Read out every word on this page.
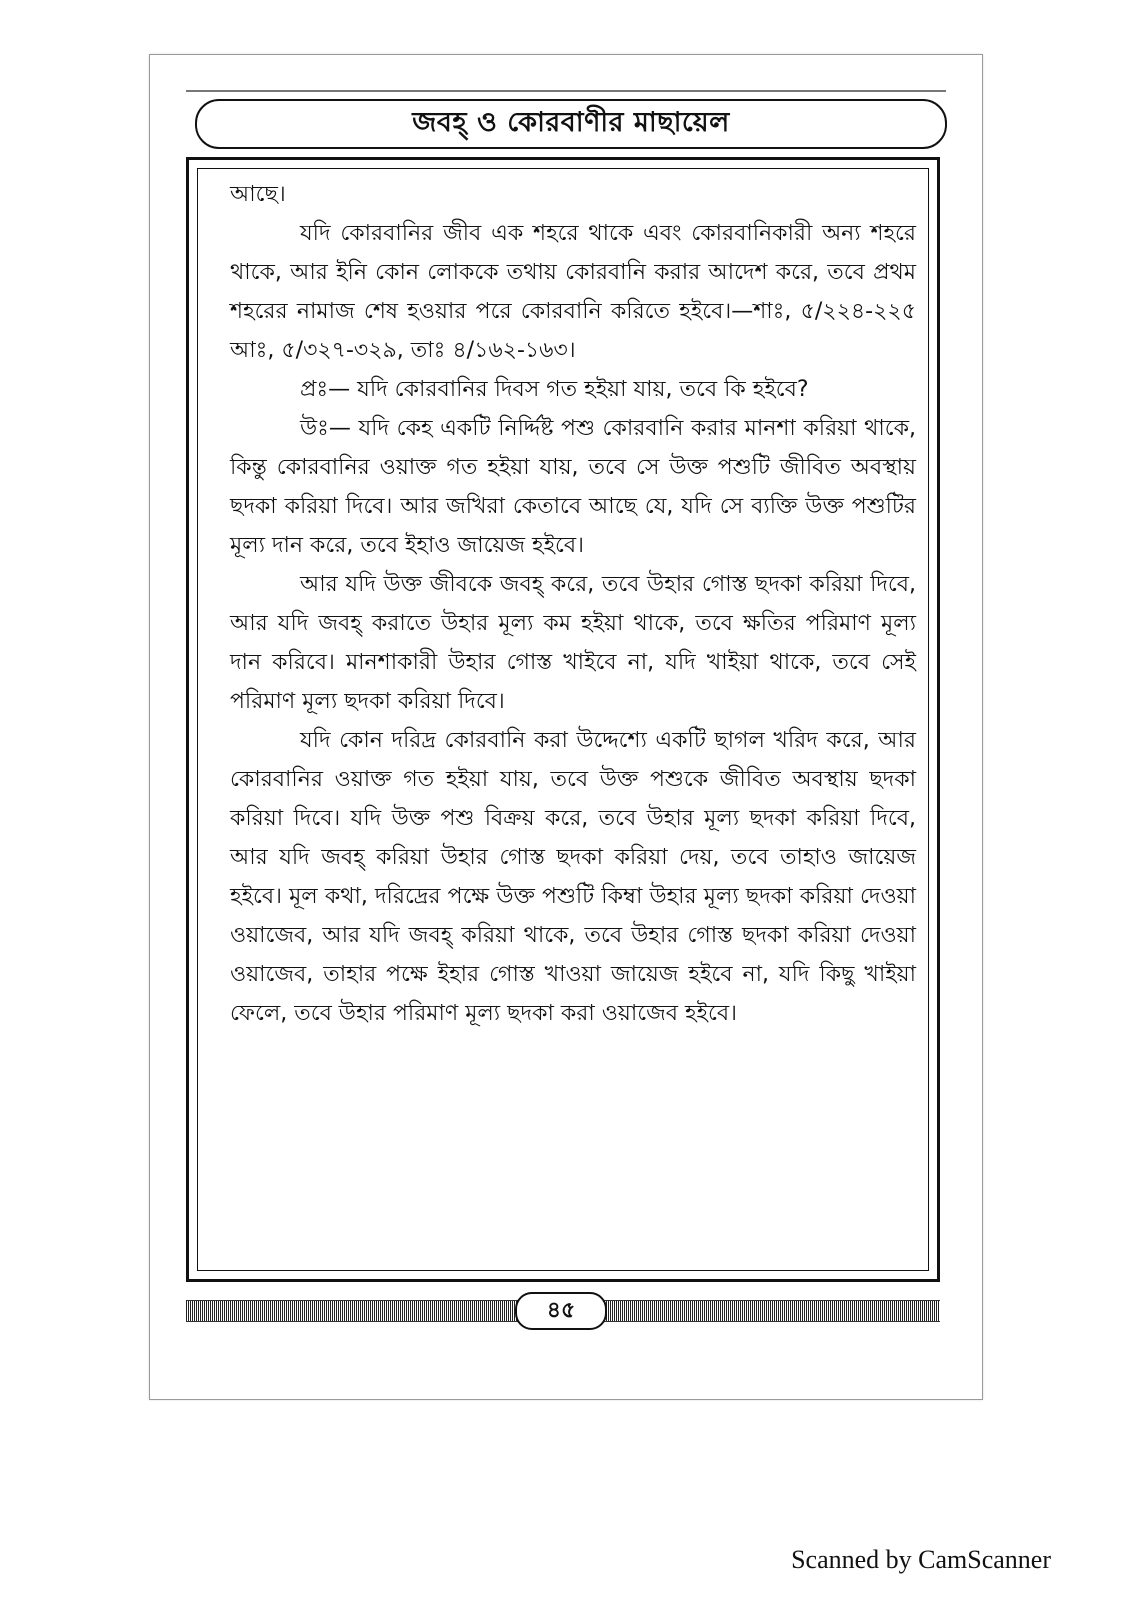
জবহ্ ও কোরবাণীর মাছায়েল

আছে।

যদি কোরবানির জীব এক শহরে থাকে এবং কোরবানিকারী অন্য শহরে থাকে, আর ইনি কোন লোককে তথায় কোরবানি করার আদেশ করে, তবে প্রথম শহরের নামাজ শেষ হওয়ার পরে কোরবানি করিতে হইবে।—শাঃ, ৫/২২৪-২২৫ আঃ, ৫/৩২৭-৩২৯, তাঃ ৪/১৬২-১৬৩।

প্রঃ— যদি কোরবানির দিবস গত হইয়া যায়, তবে কি হইবে?

উঃ— যদি কেহ একটি নির্দ্দিষ্ট পশু কোরবানি করার মানশা করিয়া থাকে, কিন্তু কোরবানির ওয়াক্ত গত হইয়া যায়, তবে সে উক্ত পশুটি জীবিত অবস্থায় ছদকা করিয়া দিবে। আর জখিরা কেতাবে আছে যে, যদি সে ব্যক্তি উক্ত পশুটির মূল্য দান করে, তবে ইহাও জায়েজ হইবে।

আর যদি উক্ত জীবকে জবহ্ করে, তবে উহার গোস্ত ছদকা করিয়া দিবে, আর যদি জবহ্ করাতে উহার মূল্য কম হইয়া থাকে, তবে ক্ষতির পরিমাণ মূল্য দান করিবে। মানশাকারী উহার গোস্ত খাইবে না, যদি খাইয়া থাকে, তবে সেই পরিমাণ মূল্য ছদকা করিয়া দিবে।

যদি কোন দরিদ্র কোরবানি করা উদ্দেশ্যে একটি ছাগল খরিদ করে, আর কোরবানির ওয়াক্ত গত হইয়া যায়, তবে উক্ত পশুকে জীবিত অবস্থায় ছদকা করিয়া দিবে। যদি উক্ত পশু বিক্রয় করে, তবে উহার মূল্য ছদকা করিয়া দিবে, আর যদি জবহ্ করিয়া উহার গোস্ত ছদকা করিয়া দেয়, তবে তাহাও জায়েজ হইবে। মূল কথা, দরিদ্রের পক্ষে উক্ত পশুটি কিম্বা উহার মূল্য ছদকা করিয়া দেওয়া ওয়াজেব, আর যদি জবহ্ করিয়া থাকে, তবে উহার গোস্ত ছদকা করিয়া দেওয়া ওয়াজেব, তাহার পক্ষে ইহার গোস্ত খাওয়া জায়েজ হইবে না, যদি কিছু খাইয়া ফেলে, তবে উহার পরিমাণ মূল্য ছদকা করা ওয়াজেব হইবে।

৪৫
Scanned by CamScanner
